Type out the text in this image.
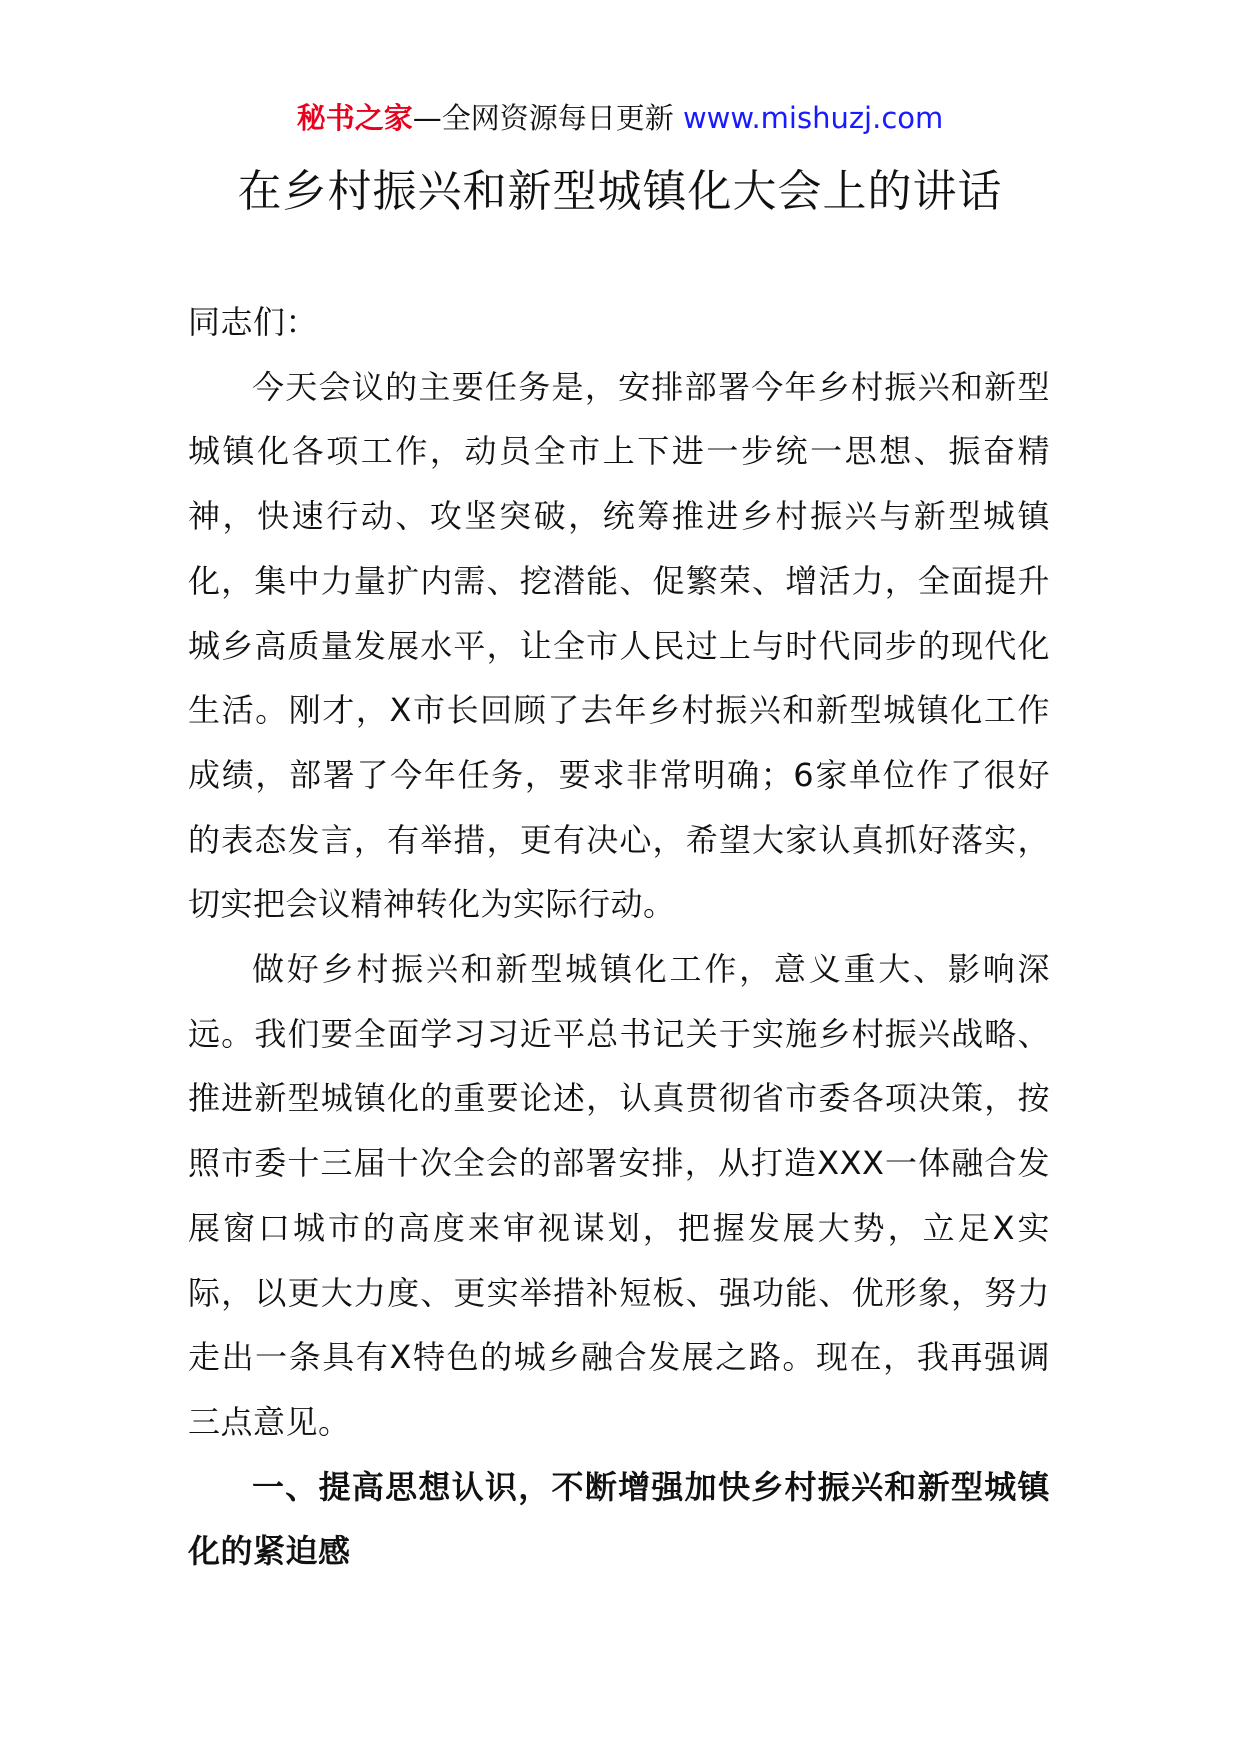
秘书之家—全网资源每日更新 www.mishuzj.com
在乡村振兴和新型城镇化大会上的讲话

同志们：

今天会议的主要任务是，安排部署今年乡村振兴和新型城镇化各项工作，动员全市上下进一步统一思想、振奋精神，快速行动、攻坚突破，统筹推进乡村振兴与新型城镇化，集中力量扩内需、挖潜能、促繁荣、增活力，全面提升城乡高质量发展水平，让全市人民过上与时代同步的现代化生活。刚才，X市长回顾了去年乡村振兴和新型城镇化工作成绩，部署了今年任务，要求非常明确；6家单位作了很好的表态发言，有举措，更有决心，希望大家认真抓好落实，切实把会议精神转化为实际行动。

做好乡村振兴和新型城镇化工作，意义重大、影响深远。我们要全面学习习近平总书记关于实施乡村振兴战略、推进新型城镇化的重要论述，认真贯彻省市委各项决策，按照市委十三届十次全会的部署安排，从打造XXX一体融合发展窗口城市的高度来审视谋划，把握发展大势，立足X实际，以更大力度、更实举措补短板、强功能、优形象，努力走出一条具有X特色的城乡融合发展之路。现在，我再强调三点意见。

一、提高思想认识，不断增强加快乡村振兴和新型城镇化的紧迫感
